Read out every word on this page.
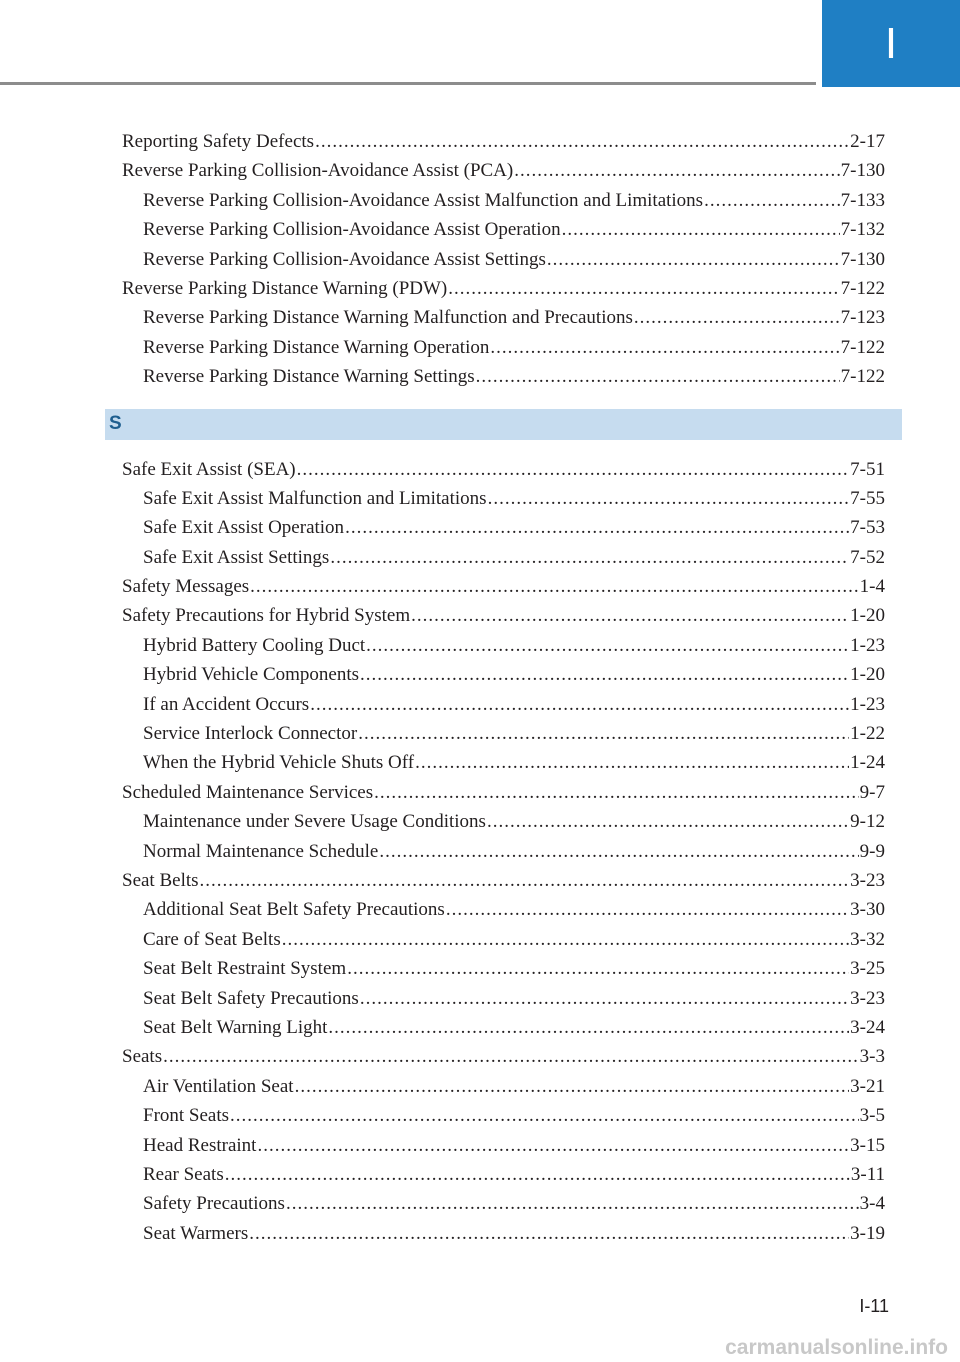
I
Reporting Safety Defects .....	2-17
Reverse Parking Collision-Avoidance Assist (PCA) .....	7-130
Reverse Parking Collision-Avoidance Assist Malfunction and Limitations .....	7-133
Reverse Parking Collision-Avoidance Assist Operation .....	7-132
Reverse Parking Collision-Avoidance Assist Settings .....	7-130
Reverse Parking Distance Warning (PDW) .....	7-122
Reverse Parking Distance Warning Malfunction and Precautions .....	7-123
Reverse Parking Distance Warning Operation .....	7-122
Reverse Parking Distance Warning Settings .....	7-122
S
Safe Exit Assist (SEA) .....	7-51
Safe Exit Assist Malfunction and Limitations .....	7-55
Safe Exit Assist Operation .....	7-53
Safe Exit Assist Settings .....	7-52
Safety Messages .....	1-4
Safety Precautions for Hybrid System .....	1-20
Hybrid Battery Cooling Duct .....	1-23
Hybrid Vehicle Components .....	1-20
If an Accident Occurs .....	1-23
Service Interlock Connector .....	1-22
When the Hybrid Vehicle Shuts Off .....	1-24
Scheduled Maintenance Services .....	9-7
Maintenance under Severe Usage Conditions .....	9-12
Normal Maintenance Schedule .....	9-9
Seat Belts .....	3-23
Additional Seat Belt Safety Precautions .....	3-30
Care of Seat Belts .....	3-32
Seat Belt Restraint System .....	3-25
Seat Belt Safety Precautions .....	3-23
Seat Belt Warning Light .....	3-24
Seats .....	3-3
Air Ventilation Seat .....	3-21
Front Seats .....	3-5
Head Restraint .....	3-15
Rear Seats .....	3-11
Safety Precautions .....	3-4
Seat Warmers .....	3-19
I-11
carmanualsonline.info
